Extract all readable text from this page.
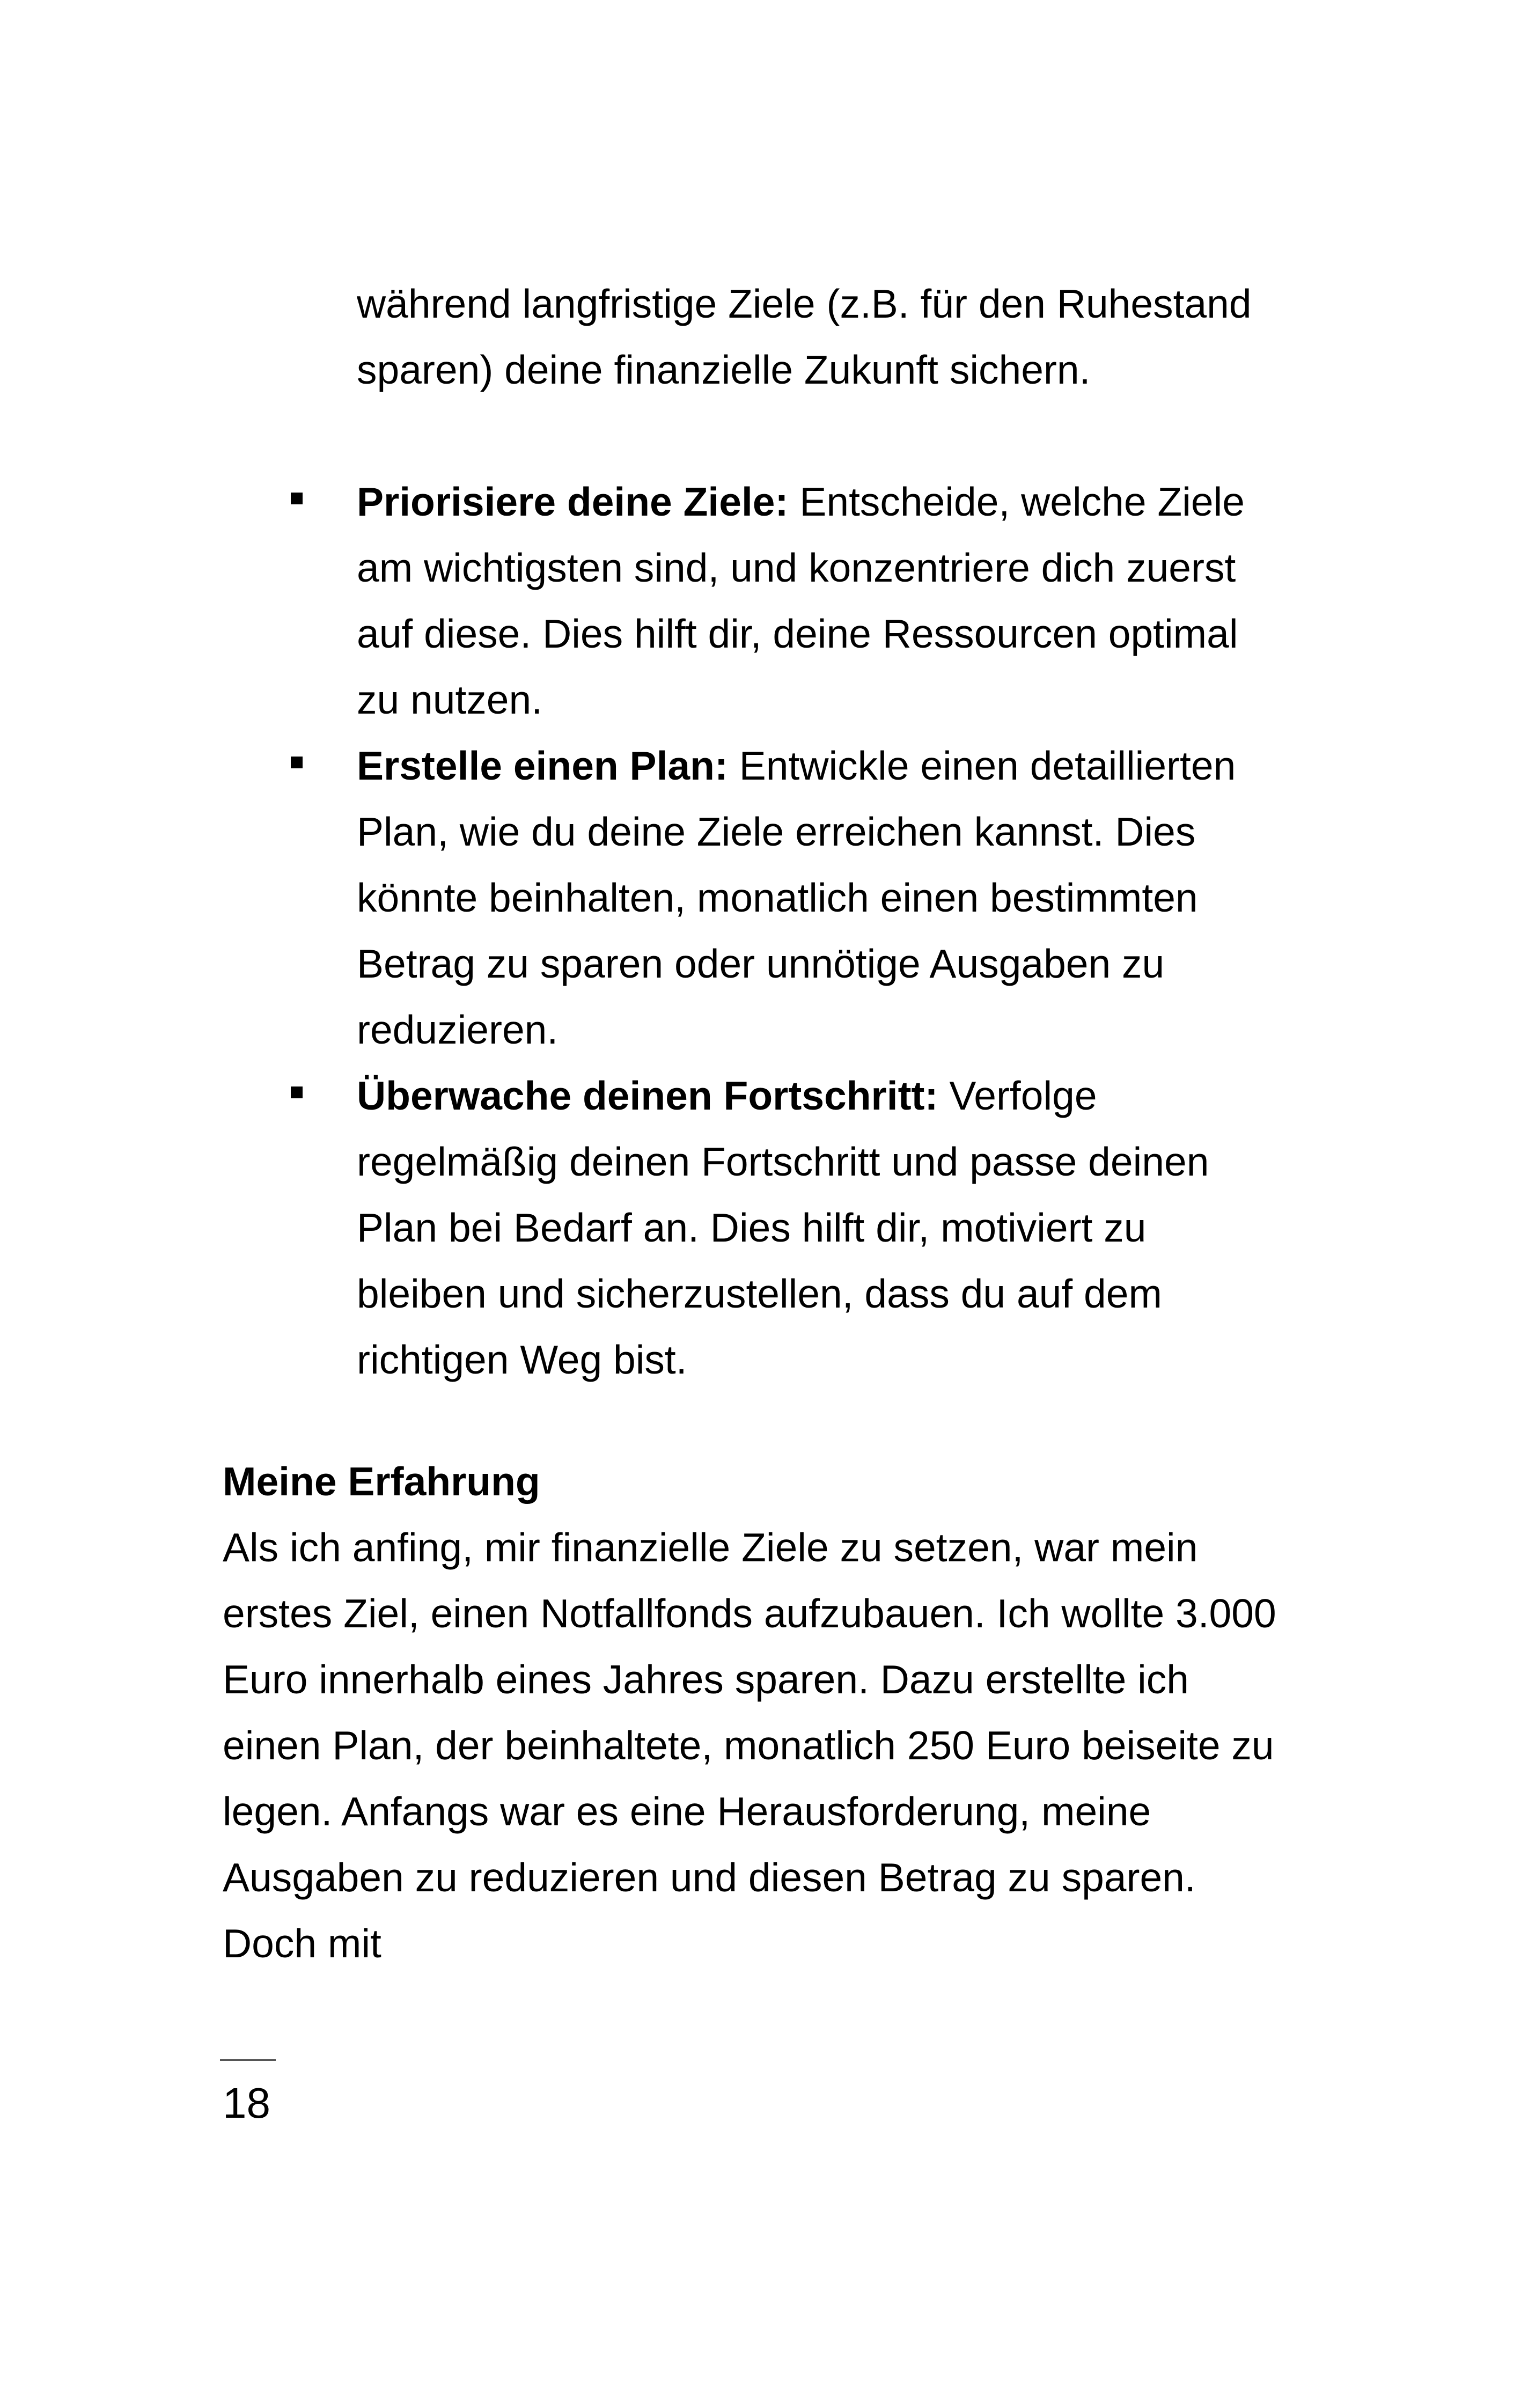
während langfristige Ziele (z.B. für den Ruhestand sparen) deine finanzielle Zukunft sichern.
Priorisiere deine Ziele: Entscheide, welche Ziele am wichtigsten sind, und konzentriere dich zuerst auf diese. Dies hilft dir, deine Ressourcen optimal zu nutzen.
Erstelle einen Plan: Entwickle einen detaillierten Plan, wie du deine Ziele erreichen kannst. Dies könnte beinhalten, monatlich einen bestimmten Betrag zu sparen oder unnötige Ausgaben zu reduzieren.
Überwache deinen Fortschritt: Verfolge regelmäßig deinen Fortschritt und passe deinen Plan bei Bedarf an. Dies hilft dir, motiviert zu bleiben und sicherzustellen, dass du auf dem richtigen Weg bist.
Meine Erfahrung
Als ich anfing, mir finanzielle Ziele zu setzen, war mein erstes Ziel, einen Notfallfonds aufzubauen. Ich wollte 3.000 Euro innerhalb eines Jahres sparen. Dazu erstellte ich einen Plan, der beinhaltete, monatlich 250 Euro beiseite zu legen. Anfangs war es eine Herausforderung, meine Ausgaben zu reduzieren und diesen Betrag zu sparen. Doch mit
18
